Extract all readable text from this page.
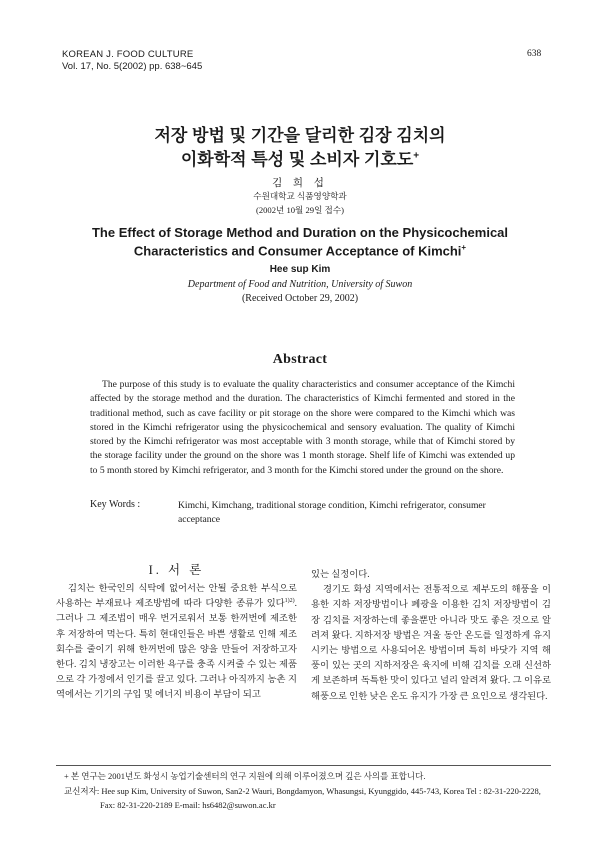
KOREAN J. FOOD CULTURE
Vol. 17, No. 5(2002) pp. 638~645
638
저장 방법 및 기간을 달리한 김장 김치의
이화학적 특성 및 소비자 기호도+
김 희 섭
수원대학교 식품영양학과
(2002년 10월 29일 접수)
The Effect of Storage Method and Duration on the Physicochemical
Characteristics and Consumer Acceptance of Kimchi+
Hee sup Kim
Department of Food and Nutrition, University of Suwon
(Received October 29, 2002)
Abstract
The purpose of this study is to evaluate the quality characteristics and consumer acceptance of the Kimchi affected by the storage method and the duration. The characteristics of Kimchi fermented and stored in the traditional method, such as cave facility or pit storage on the shore were compared to the Kimchi which was stored in the Kimchi refrigerator using the physicochemical and sensory evaluation. The quality of Kimchi stored by the Kimchi refrigerator was most acceptable with 3 month storage, while that of Kimchi stored by the storage facility under the ground on the shore was 1 month storage. Shelf life of Kimchi was extended up to 5 month stored by Kimchi refrigerator, and 3 month for the Kimchi stored under the ground on the shore.
Key Words :	Kimchi, Kimchang, traditional storage condition, Kimchi refrigerator, consumer acceptance
I. 서 론
김치는 한국인의 식탁에 없어서는 안될 중요한 부식으로 사용하는 부재료나 제조방법에 따라 다양한 종류가 있다$^{1)2)}$. 그러나 그 제조법이 매우 번거로워서 보통 한꺼번에 제조한 후 저장하여 먹는다. 특히 현대인들은 바쁜 생활로 인해 제조 회수를 줄이기 위해 한꺼번에 많은 양을 만들어 저장하고자 한다. 김치 냉장고는 이러한 욕구를 충족 시켜줄 수 있는 제품으로 각 가정에서 인기를 끌고 있다. 그러나 아직까지 농촌 지역에서는 기기의 구입 및 에너지 비용이 부담이 되고
있는 실정이다.
경기도 화성 지역에서는 전통적으로 제부도의 해풍을 이용한 지하 저장방법이나 폐광을 이용한 김치 저장방법이 김장 김치를 저장하는데 좋을뿐만 아니라 맛도 좋은 것으로 알려져 왔다. 지하저장 방법은 겨울 동안 온도를 일정하게 유지시키는 방법으로 사용되어온 방법이며 특히 바닷가 지역 해풍이 있는 곳의 지하저장은 육지에 비해 김치를 오래 신선하게 보존하며 독특한 맛이 있다고 널리 알려져 왔다. 그 이유로 해풍으로 인한 낮은 온도 유지가 가장 큰 요인으로 생각된다.
+ 본 연구는 2001년도 화성시 농업기술센터의 연구 지원에 의해 이루어졌으며 깊은 사의를 표합니다.
교신저자: Hee sup Kim, University of Suwon, San2-2 Wauri, Bongdamyon, Whasungsi, Kyunggido, 445-743, Korea Tel : 82-31-220-2228,
Fax: 82-31-220-2189 E-mail: hs6482@suwon.ac.kr
